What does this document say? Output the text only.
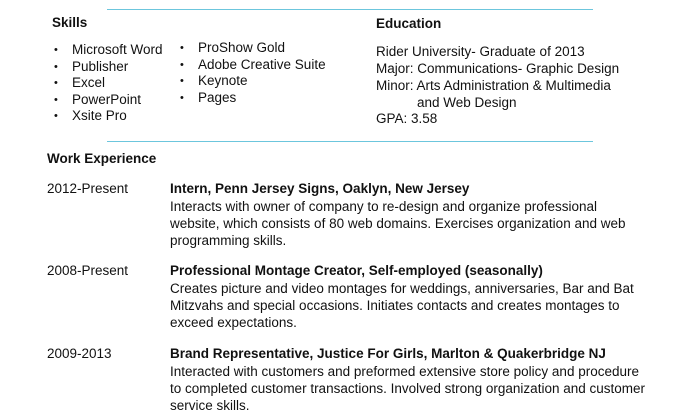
Skills
• Microsoft Word
• Publisher
• Excel
• PowerPoint
• Xsite Pro
• ProShow Gold
• Adobe Creative Suite
• Keynote
• Pages
Education
Rider University- Graduate of 2013
Major: Communications- Graphic Design
Minor: Arts Administration & Multimedia
and Web Design
GPA: 3.58
Work Experience
2012-Present	Intern, Penn Jersey Signs, Oaklyn, New Jersey
Interacts with owner of company to re-design and organize professional website, which consists of 80 web domains. Exercises organization and web programming skills.
2008-Present	Professional Montage Creator, Self-employed (seasonally)
Creates picture and video montages for weddings, anniversaries, Bar and Bat Mitzvahs and special occasions. Initiates contacts and creates montages to exceed expectations.
2009-2013	Brand Representative, Justice For Girls, Marlton & Quakerbridge NJ
Interacted with customers and preformed extensive store policy and procedure to completed customer transactions. Involved strong organization and customer service skills.
